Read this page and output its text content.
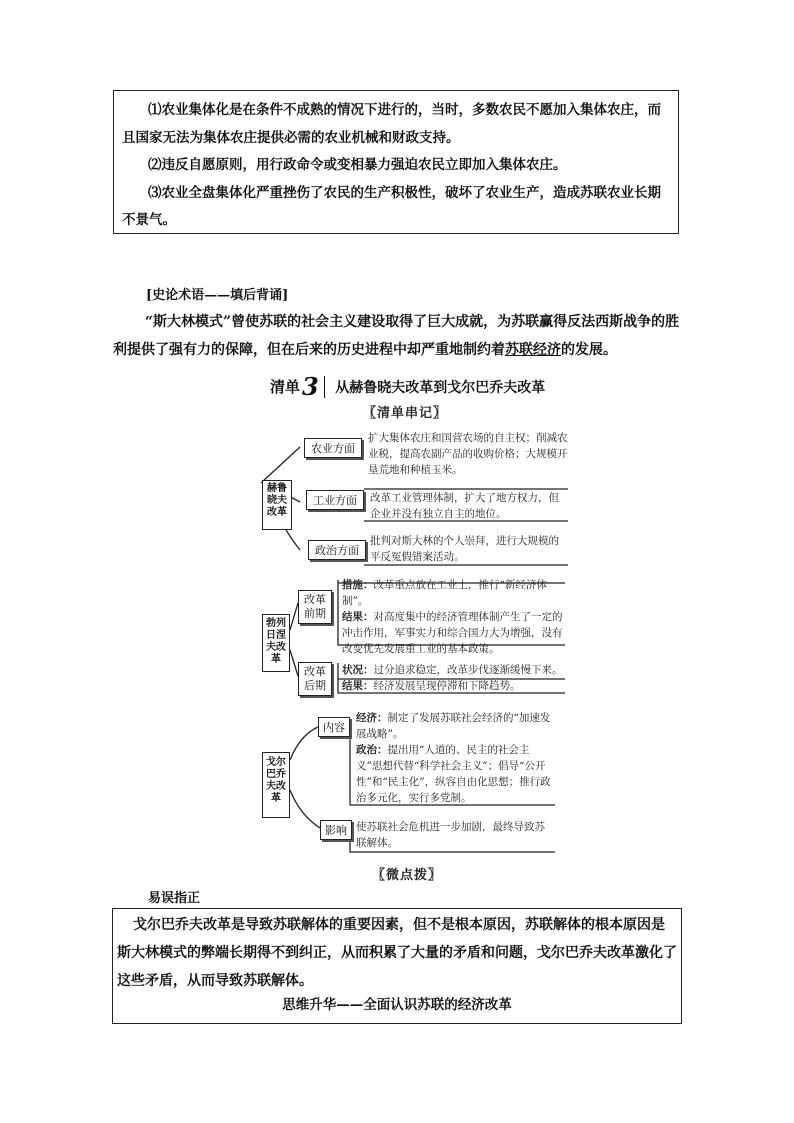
⑴农业集体化是在条件不成熟的情况下进行的，当时，多数农民不愿加入集体农庄，而且国家无法为集体农庄提供必需的农业机械和财政支持。

⑵违反自愿原则，用行政命令或变相暴力强迫农民立即加入集体农庄。

⑶农业全盘集体化严重挫伤了农民的生产积极性，破坏了农业生产，造成苏联农业长期不景气。

[史论术语——填后背诵]
“斯大林模式”曾使苏联的社会主义建设取得了巨大成就，为苏联赢得反法西斯战争的胜利提供了强有力的保障，但在后来的历史进程中却严重地制约着苏联经济的发展。
清单 3 从赫鲁晓夫改革到戈尔巴乔夫改革
〖清单串记〗
赫鲁
晓夫
改革
农业方面
扩大集体农庄和国营农场的自主权；削减农业税，提高农副产品的收购价格；大规模开垦荒地和种植玉米。
工业方面	改革工业管理体制，扩大了地方权力，但企业并没有独立自主的地位。
政治方面
批判对斯大林的个人崇拜，进行大规模的平反冤假错案活动。
勃列
日涅
夫改
革
改革
前期
措施：改革重点放在工业上，推行“新经济体制”。
结果：对高度集中的经济管理体制产生了一定的冲击作用，军事实力和综合国力大为增强，没有改变优先发展重工业的基本政策。
改革
后期
状况：过分追求稳定，改革步伐逐渐缓慢下来。
结果：经济发展呈现停滞和下降趋势。
戈尔
巴乔
夫改
革
内容
经济：制定了发展苏联社会经济的“加速发展战略”。
政治：提出用“人道的、民主的社会主义”思想代替“科学社会主义”；倡导“公开性”和“民主化”，纵容自由化思想；推行政治多元化，实行多党制。
影响 使苏联社会危机进一步加剧，最终导致苏联解体。
〖微点拨〗
易误指正

戈尔巴乔夫改革是导致苏联解体的重要因素，但不是根本原因，苏联解体的根本原因是斯大林模式的弊端长期得不到纠正，从而积累了大量的矛盾和问题，戈尔巴乔夫改革激化了这些矛盾，从而导致苏联解体。

思维升华——全面认识苏联的经济改革
